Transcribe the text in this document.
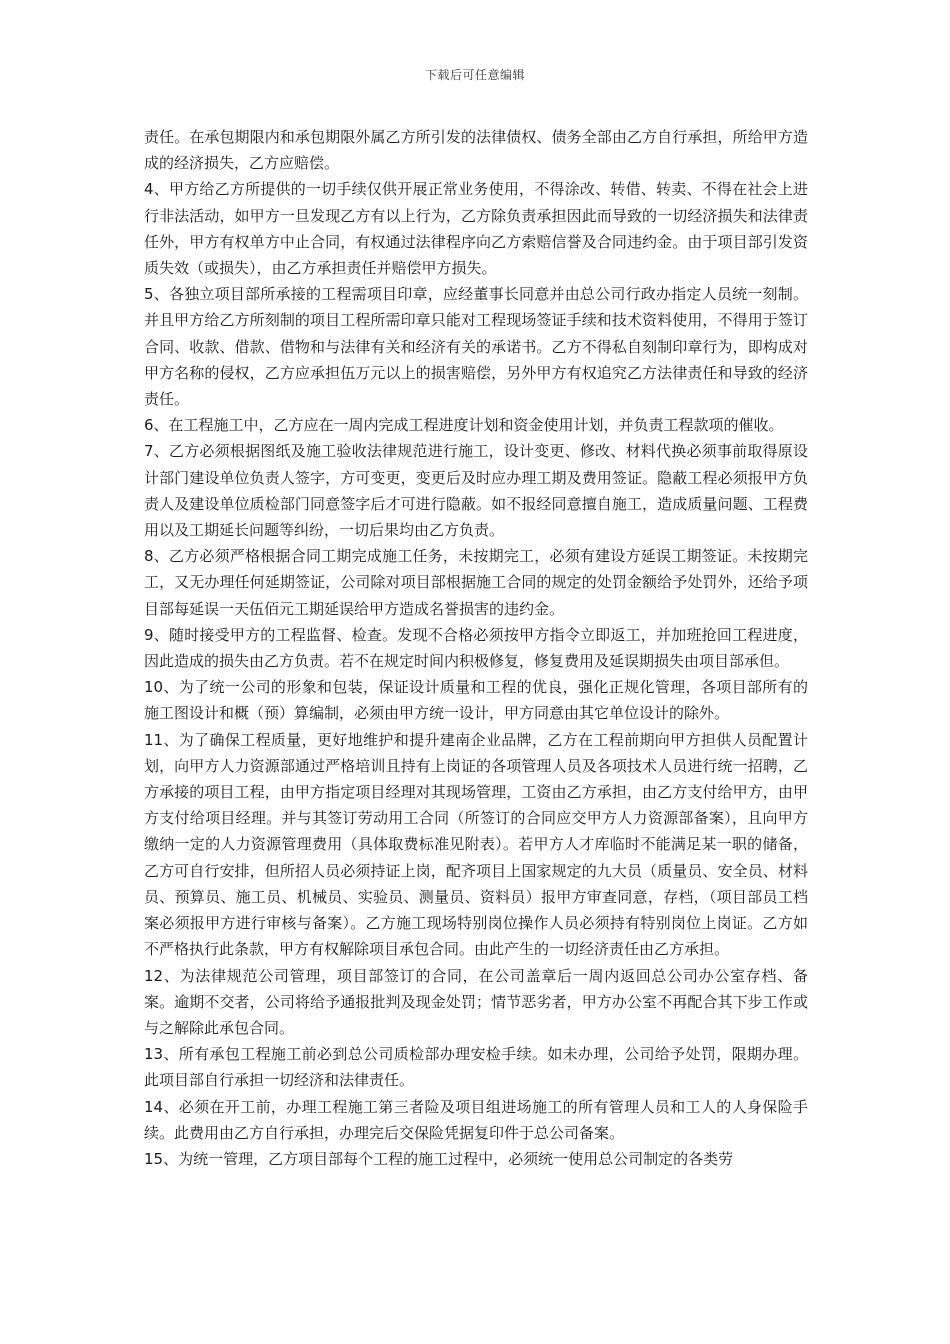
下载后可任意编辑

责任。在承包期限内和承包期限外属乙方所引发的法律债权、债务全部由乙方自行承担，所给甲方造成的经济损失，乙方应赔偿。

4、甲方给乙方所提供的一切手续仅供开展正常业务使用，不得涂改、转借、转卖、不得在社会上进行非法活动，如甲方一旦发现乙方有以上行为，乙方除负责承担因此而导致的一切经济损失和法律责任外，甲方有权单方中止合同，有权通过法律程序向乙方索赔信誉及合同违约金。由于项目部引发资质失效（或损失），由乙方承担责任并赔偿甲方损失。

5、各独立项目部所承接的工程需项目印章，应经董事长同意并由总公司行政办指定人员统一刻制。并且甲方给乙方所刻制的项目工程所需印章只能对工程现场签证手续和技术资料使用，不得用于签订合同、收款、借款、借物和与法律有关和经济有关的承诺书。乙方不得私自刻制印章行为，即构成对甲方名称的侵权，乙方应承担伍万元以上的损害赔偿，另外甲方有权追究乙方法律责任和导致的经济责任。

6、在工程施工中，乙方应在一周内完成工程进度计划和资金使用计划，并负责工程款项的催收。

7、乙方必须根据图纸及施工验收法律规范进行施工，设计变更、修改、材料代换必须事前取得原设计部门建设单位负责人签字，方可变更，变更后及时应办理工期及费用签证。隐蔽工程必须报甲方负责人及建设单位质检部门同意签字后才可进行隐蔽。如不报经同意擅自施工，造成质量问题、工程费用以及工期延长问题等纠纷，一切后果均由乙方负责。

8、乙方必须严格根据合同工期完成施工任务，未按期完工，必须有建设方延误工期签证。未按期完工，又无办理任何延期签证，公司除对项目部根据施工合同的规定的处罚金额给予处罚外，还给予项目部每延误一天伍佰元工期延误给甲方造成名誉损害的违约金。

9、随时接受甲方的工程监督、检查。发现不合格必须按甲方指令立即返工，并加班抢回工程进度，因此造成的损失由乙方负责。若不在规定时间内积极修复，修复费用及延误期损失由项目部承但。

10、为了统一公司的形象和包装，保证设计质量和工程的优良，强化正规化管理，各项目部所有的施工图设计和概（预）算编制，必须由甲方统一设计，甲方同意由其它单位设计的除外。

11、为了确保工程质量，更好地维护和提升建南企业品牌，乙方在工程前期向甲方担供人员配置计划，向甲方人力资源部通过严格培训且持有上岗证的各项管理人员及各项技术人员进行统一招聘，乙方承接的项目工程，由甲方指定项目经理对其现场管理，工资由乙方承担，由乙方支付给甲方，由甲方支付给项目经理。并与其签订劳动用工合同（所签订的合同应交甲方人力资源部备案），且向甲方缴纳一定的人力资源管理费用（具体取费标准见附表）。若甲方人才库临时不能满足某一职的储备，乙方可自行安排，但所招人员必须持证上岗，配齐项目上国家规定的九大员（质量员、安全员、材料员、预算员、施工员、机械员、实验员、测量员、资料员）报甲方审查同意，存档，（项目部员工档案必须报甲方进行审核与备案）。乙方施工现场特别岗位操作人员必须持有特别岗位上岗证。乙方如不严格执行此条款，甲方有权解除项目承包合同。由此产生的一切经济责任由乙方承担。

12、为法律规范公司管理，项目部签订的合同，在公司盖章后一周内返回总公司办公室存档、备案。逾期不交者，公司将给予通报批判及现金处罚；情节恶劣者，甲方办公室不再配合其下步工作或与之解除此承包合同。

13、所有承包工程施工前必到总公司质检部办理安检手续。如未办理，公司给予处罚，限期办理。此项目部自行承担一切经济和法律责任。

14、必须在开工前，办理工程施工第三者险及项目组进场施工的所有管理人员和工人的人身保险手续。此费用由乙方自行承担，办理完后交保险凭据复印件于总公司备案。

15、为统一管理，乙方项目部每个工程的施工过程中，必须统一使用总公司制定的各类劳
